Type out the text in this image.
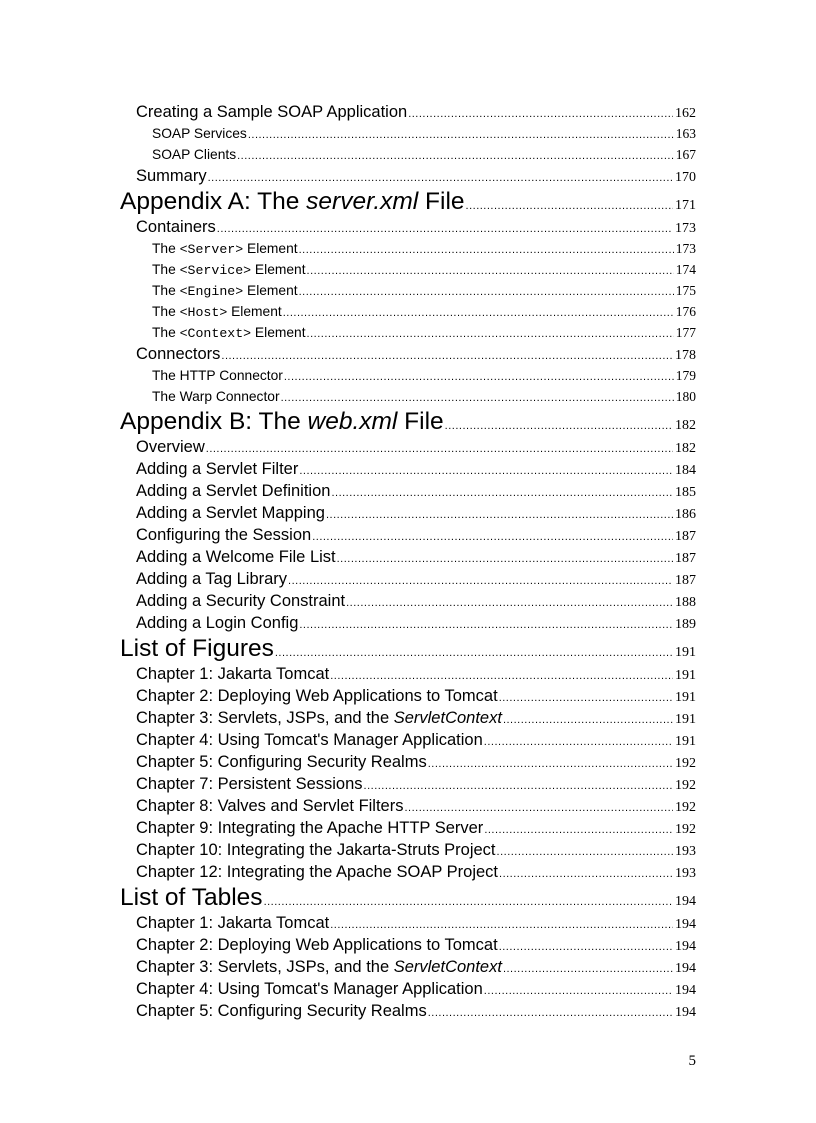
Creating a Sample SOAP Application .....	162
SOAP Services .....	163
SOAP Clients .....	167
Summary .....	170
Appendix A: The server.xml File .....	171
Containers .....	173
The <Server> Element .....	173
The <Service> Element .....	174
The <Engine> Element .....	175
The <Host> Element .....	176
The <Context> Element .....	177
Connectors .....	178
The HTTP Connector .....	179
The Warp Connector .....	180
Appendix B: The web.xml File .....	182
Overview .....	182
Adding a Servlet Filter .....	184
Adding a Servlet Definition .....	185
Adding a Servlet Mapping .....	186
Configuring the Session .....	187
Adding a Welcome File List .....	187
Adding a Tag Library .....	187
Adding a Security Constraint .....	188
Adding a Login Config .....	189
List of Figures .....	191
Chapter 1: Jakarta Tomcat .....	191
Chapter 2: Deploying Web Applications to Tomcat .....	191
Chapter 3: Servlets, JSPs, and the ServletContext .....	191
Chapter 4: Using Tomcat's Manager Application .....	191
Chapter 5: Configuring Security Realms .....	192
Chapter 7: Persistent Sessions .....	192
Chapter 8: Valves and Servlet Filters .....	192
Chapter 9: Integrating the Apache HTTP Server .....	192
Chapter 10: Integrating the Jakarta-Struts Project .....	193
Chapter 12: Integrating the Apache SOAP Project .....	193
List of Tables .....	194
Chapter 1: Jakarta Tomcat .....	194
Chapter 2: Deploying Web Applications to Tomcat .....	194
Chapter 3: Servlets, JSPs, and the ServletContext .....	194
Chapter 4: Using Tomcat's Manager Application .....	194
Chapter 5: Configuring Security Realms .....	194
5
